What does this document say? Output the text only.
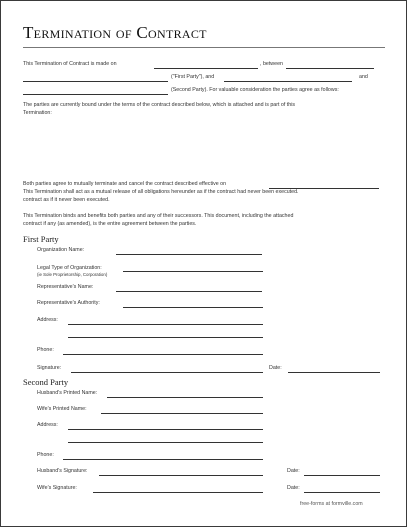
Termination of Contract
This Termination of Contract is made on	, between
("First Party"), and	and
(Second Party). For valuable consideration the parties agree as follows:
The parties are currently bound under the terms of the contract described below, which is attached and is part of this
Termination:
Both parties agree to mutually terminate and cancel the contract described effective on
This Termination shall act as a mutual release of all obligations hereunder as if the contract had never been executed.
contract as if it never been executed.
This Termination binds and benefits both parties and any of their successors. This document, including the attached
contract if any (as amended), is the entire agreement between the parties.
First Party
Organization Name:
Legal Type of Organization:
(ie Sole Proprietorship, Corporation)
Representative's Name:
Representative's Authority:
Address:
Phone:
Signature:	Date:
Second Party
Husband's Printed Name:
Wife's Printed Name:
Address:
Phone:
Husband's Signature:	Date:
Wife's Signature:	Date:
free-forms at formville.com
